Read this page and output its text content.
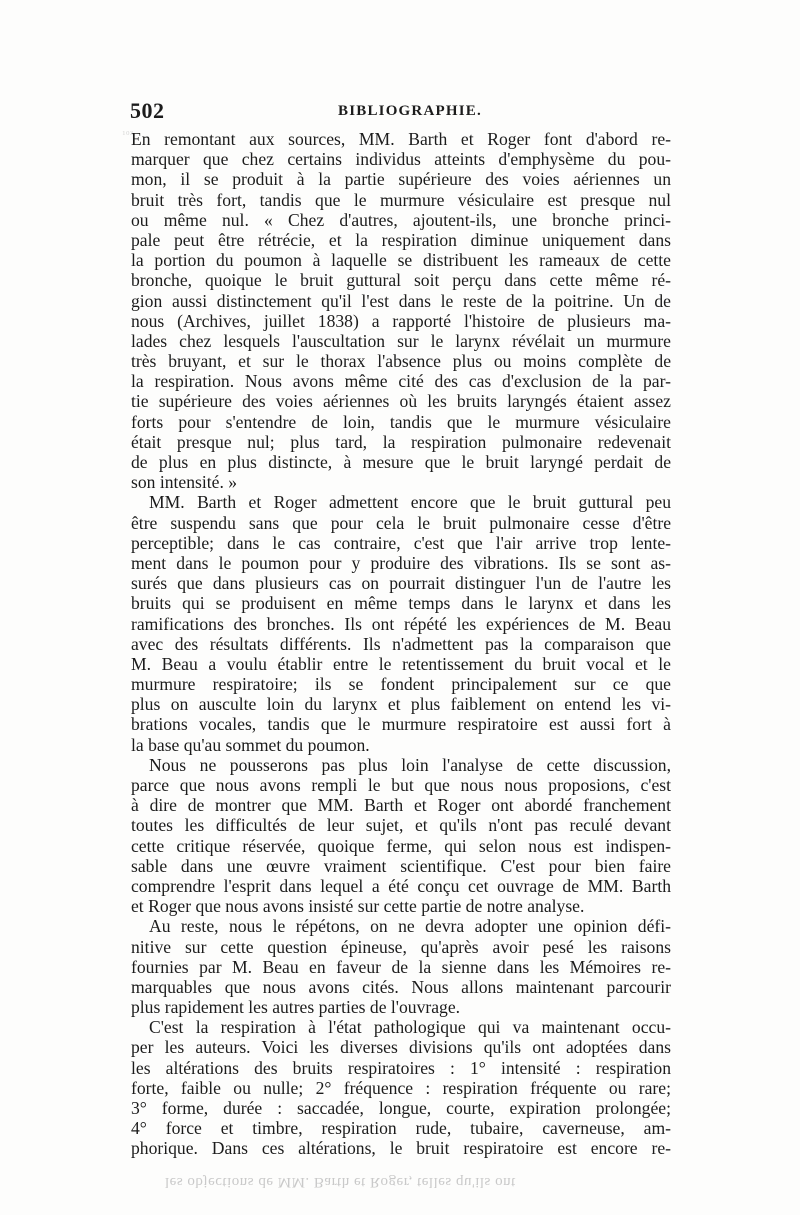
₁₀₃
502	BIBLIOGRAPHIE.
En remontant aux sources, MM. Barth et Roger font d'abord re-
marquer que chez certains individus atteints d'emphysème du pou-
mon, il se produit à la partie supérieure des voies aériennes un
bruit très fort, tandis que le murmure vésiculaire est presque nul
ou même nul. « Chez d'autres, ajoutent-ils, une bronche princi-
pale peut être rétrécie, et la respiration diminue uniquement dans
la portion du poumon à laquelle se distribuent les rameaux de cette
bronche, quoique le bruit guttural soit perçu dans cette même ré-
gion aussi distinctement qu'il l'est dans le reste de la poitrine. Un de
nous (Archives, juillet 1838) a rapporté l'histoire de plusieurs ma-
lades chez lesquels l'auscultation sur le larynx révélait un murmure
très bruyant, et sur le thorax l'absence plus ou moins complète de
la respiration. Nous avons même cité des cas d'exclusion de la par-
tie supérieure des voies aériennes où les bruits laryngés étaient assez
forts pour s'entendre de loin, tandis que le murmure vésiculaire
était presque nul; plus tard, la respiration pulmonaire redevenait
de plus en plus distincte, à mesure que le bruit laryngé perdait de
son intensité. »
MM. Barth et Roger admettent encore que le bruit guttural peu
être suspendu sans que pour cela le bruit pulmonaire cesse d'être
perceptible; dans le cas contraire, c'est que l'air arrive trop lente-
ment dans le poumon pour y produire des vibrations. Ils se sont as-
surés que dans plusieurs cas on pourrait distinguer l'un de l'autre les
bruits qui se produisent en même temps dans le larynx et dans les
ramifications des bronches. Ils ont répété les expériences de M. Beau
avec des résultats différents. Ils n'admettent pas la comparaison que
M. Beau a voulu établir entre le retentissement du bruit vocal et le
murmure respiratoire; ils se fondent principalement sur ce que
plus on ausculte loin du larynx et plus faiblement on entend les vi-
brations vocales, tandis que le murmure respiratoire est aussi fort à
la base qu'au sommet du poumon.
Nous ne pousserons pas plus loin l'analyse de cette discussion,
parce que nous avons rempli le but que nous nous proposions, c'est
à dire de montrer que MM. Barth et Roger ont abordé franchement
toutes les difficultés de leur sujet, et qu'ils n'ont pas reculé devant
cette critique réservée, quoique ferme, qui selon nous est indispen-
sable dans une œuvre vraiment scientifique. C'est pour bien faire
comprendre l'esprit dans lequel a été conçu cet ouvrage de MM. Barth
et Roger que nous avons insisté sur cette partie de notre analyse.
Au reste, nous le répétons, on ne devra adopter une opinion défi-
nitive sur cette question épineuse, qu'après avoir pesé les raisons
fournies par M. Beau en faveur de la sienne dans les Mémoires re-
marquables que nous avons cités. Nous allons maintenant parcourir
plus rapidement les autres parties de l'ouvrage.
C'est la respiration à l'état pathologique qui va maintenant occu-
per les auteurs. Voici les diverses divisions qu'ils ont adoptées dans
les altérations des bruits respiratoires : 1° intensité : respiration
forte, faible ou nulle; 2° fréquence : respiration fréquente ou rare;
3° forme, durée : saccadée, longue, courte, expiration prolongée;
4° force et timbre, respiration rude, tubaire, caverneuse, am-
phorique. Dans ces altérations, le bruit respiratoire est encore re-
les objections de MM. Barth et Roger, telles qu'ils ont
